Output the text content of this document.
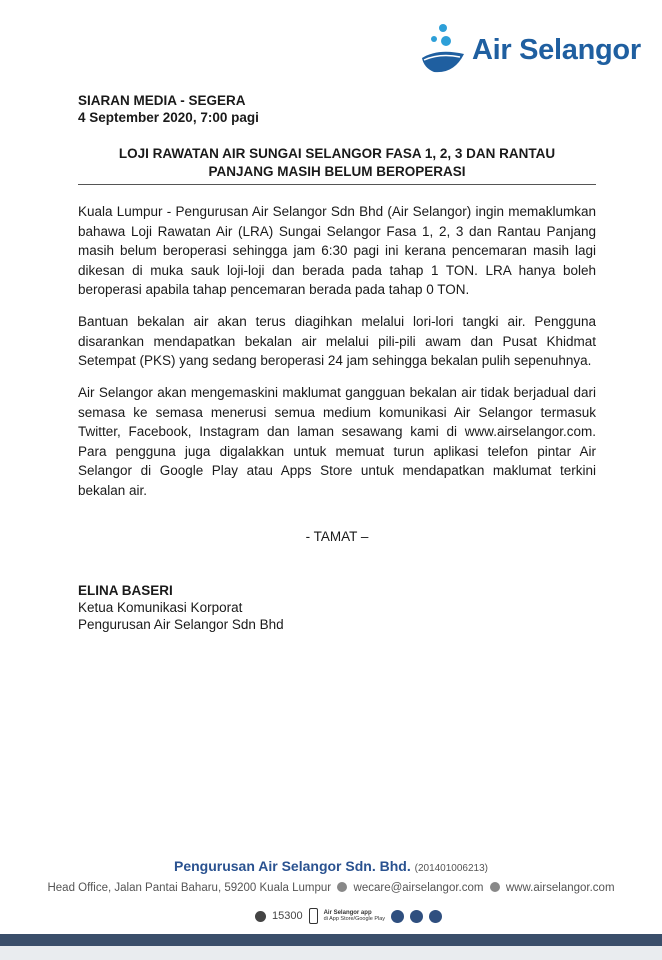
Air Selangor
SIARAN MEDIA - SEGERA
4 September 2020, 7:00 pagi
LOJI RAWATAN AIR SUNGAI SELANGOR FASA 1, 2, 3 DAN RANTAU
PANJANG MASIH BELUM BEROPERASI

Kuala Lumpur - Pengurusan Air Selangor Sdn Bhd (Air Selangor) ingin memaklumkan bahawa Loji Rawatan Air (LRA) Sungai Selangor Fasa 1, 2, 3 dan Rantau Panjang masih belum beroperasi sehingga jam 6:30 pagi ini kerana pencemaran masih lagi dikesan di muka sauk loji-loji dan berada pada tahap 1 TON. LRA hanya boleh beroperasi apabila tahap pencemaran berada pada tahap 0 TON.

Bantuan bekalan air akan terus diagihkan melalui lori-lori tangki air. Pengguna disarankan mendapatkan bekalan air melalui pili-pili awam dan Pusat Khidmat Setempat (PKS) yang sedang beroperasi 24 jam sehingga bekalan pulih sepenuhnya.

Air Selangor akan mengemaskini maklumat gangguan bekalan air tidak berjadual dari semasa ke semasa menerusi semua medium komunikasi Air Selangor termasuk Twitter, Facebook, Instagram dan laman sesawang kami di www.airselangor.com. Para pengguna juga digalakkan untuk memuat turun aplikasi telefon pintar Air Selangor di Google Play atau Apps Store untuk mendapatkan maklumat terkini bekalan air.

- TAMAT –
ELINA BASERI
Ketua Komunikasi Korporat
Pengurusan Air Selangor Sdn Bhd
Pengurusan Air Selangor Sdn. Bhd. (201401006213)
Head Office, Jalan Pantai Baharu, 59200 Kuala Lumpur wecare@airselangor.com www.airselangor.com
15300	Air Selangor app
di App Store/Google Play
